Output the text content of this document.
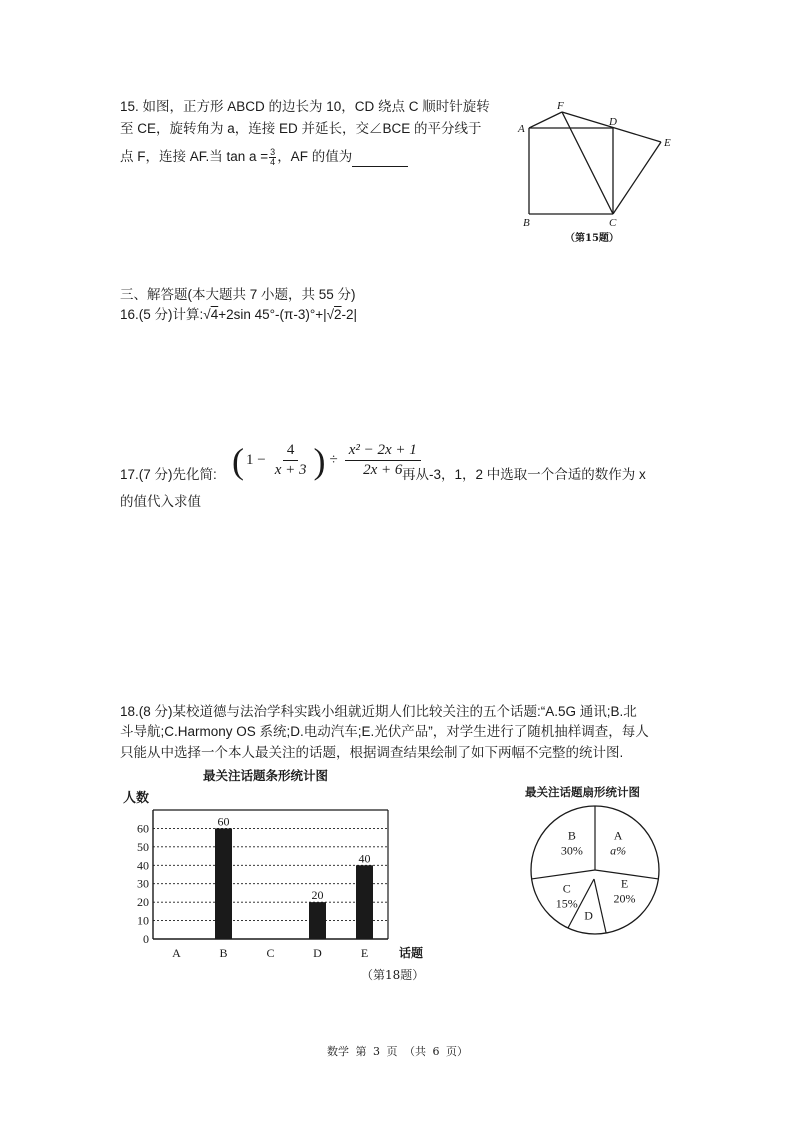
15. 如图，正方形 ABCD 的边长为 10，CD 绕点 C 顺时针旋转
至 CE，旋转角为 a，连接 ED 并延长，交∠BCE 的平分线于
点 F，连接 AF.当 $\tan a = \frac{3}{4}$ ，AF 的值为
A
F
D
E
B	C
（第15题）
三、解答题(本大题共 7 小题，共 55 分)
16.(5 分)计算:√4+2sin 45°-(π-3)°+|√2-2|
17.(7 分)先化简: ( $1 - \frac{4}{x + 3}$ ) ÷ $\frac{\text{x² − 2x + 1}}{2x + 6}$
再从-3，1，2 中选取一个合适的数作为 x
的值代入求值
18.(8 分)某校道德与法治学科实践小组就近期人们比较关注的五个话题:“A.5G 通讯;B.北
斗导航;C.Harmony OS 系统;D.电动汽车;E.光伏产品”，对学生进行了随机抽样调查，每人
只能从中选择一个本人最关注的话题，根据调查结果绘制了如下两幅不完整的统计图.
最关注话题条形统计图
人数
话题
0
10
20
30
40
50
60
A	B	C	D	E
60
20
40
（第18题）
最关注话题扇形统计图
A
a%
E
20%
D
C
15%
B
30%
数学 第 3 页 （共 6 页）
